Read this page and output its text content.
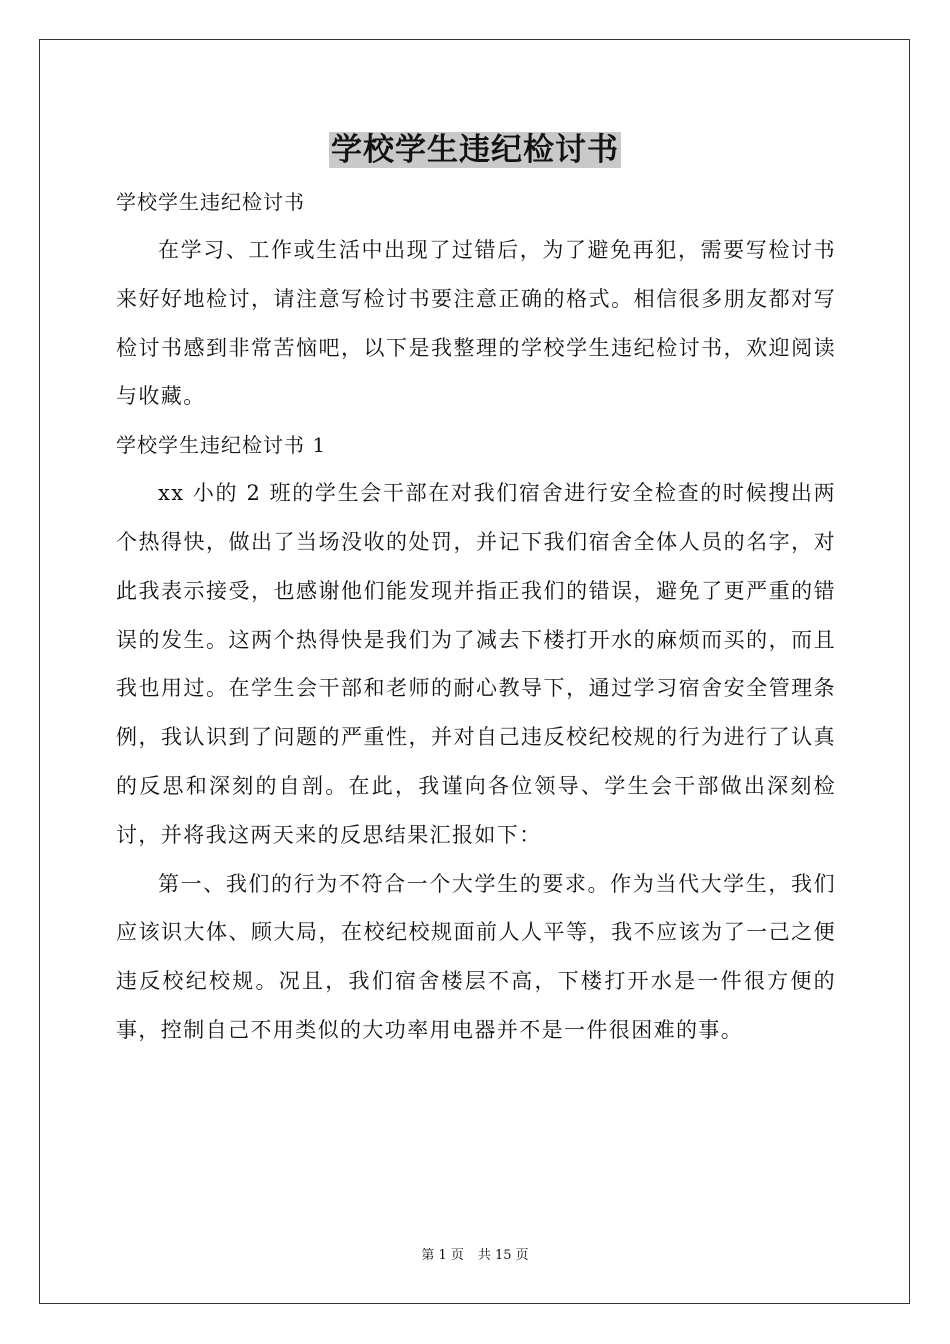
学校学生违纪检讨书

学校学生违纪检讨书

在学习、工作或生活中出现了过错后，为了避免再犯，需要写检讨书来好好地检讨，请注意写检讨书要注意正确的格式。相信很多朋友都对写检讨书感到非常苦恼吧，以下是我整理的学校学生违纪检讨书，欢迎阅读与收藏。

学校学生违纪检讨书 1

xx 小的 2 班的学生会干部在对我们宿舍进行安全检查的时候搜出两个热得快，做出了当场没收的处罚，并记下我们宿舍全体人员的名字，对此我表示接受，也感谢他们能发现并指正我们的错误，避免了更严重的错误的发生。这两个热得快是我们为了减去下楼打开水的麻烦而买的，而且我也用过。在学生会干部和老师的耐心教导下，通过学习宿舍安全管理条例，我认识到了问题的严重性，并对自己违反校纪校规的行为进行了认真的反思和深刻的自剖。在此，我谨向各位领导、学生会干部做出深刻检讨，并将我这两天来的反思结果汇报如下：

第一、我们的行为不符合一个大学生的要求。作为当代大学生，我们应该识大体、顾大局，在校纪校规面前人人平等，我不应该为了一己之便违反校纪校规。况且，我们宿舍楼层不高，下楼打开水是一件很方便的事，控制自己不用类似的大功率用电器并不是一件很困难的事。

第 1 页 共 15 页
